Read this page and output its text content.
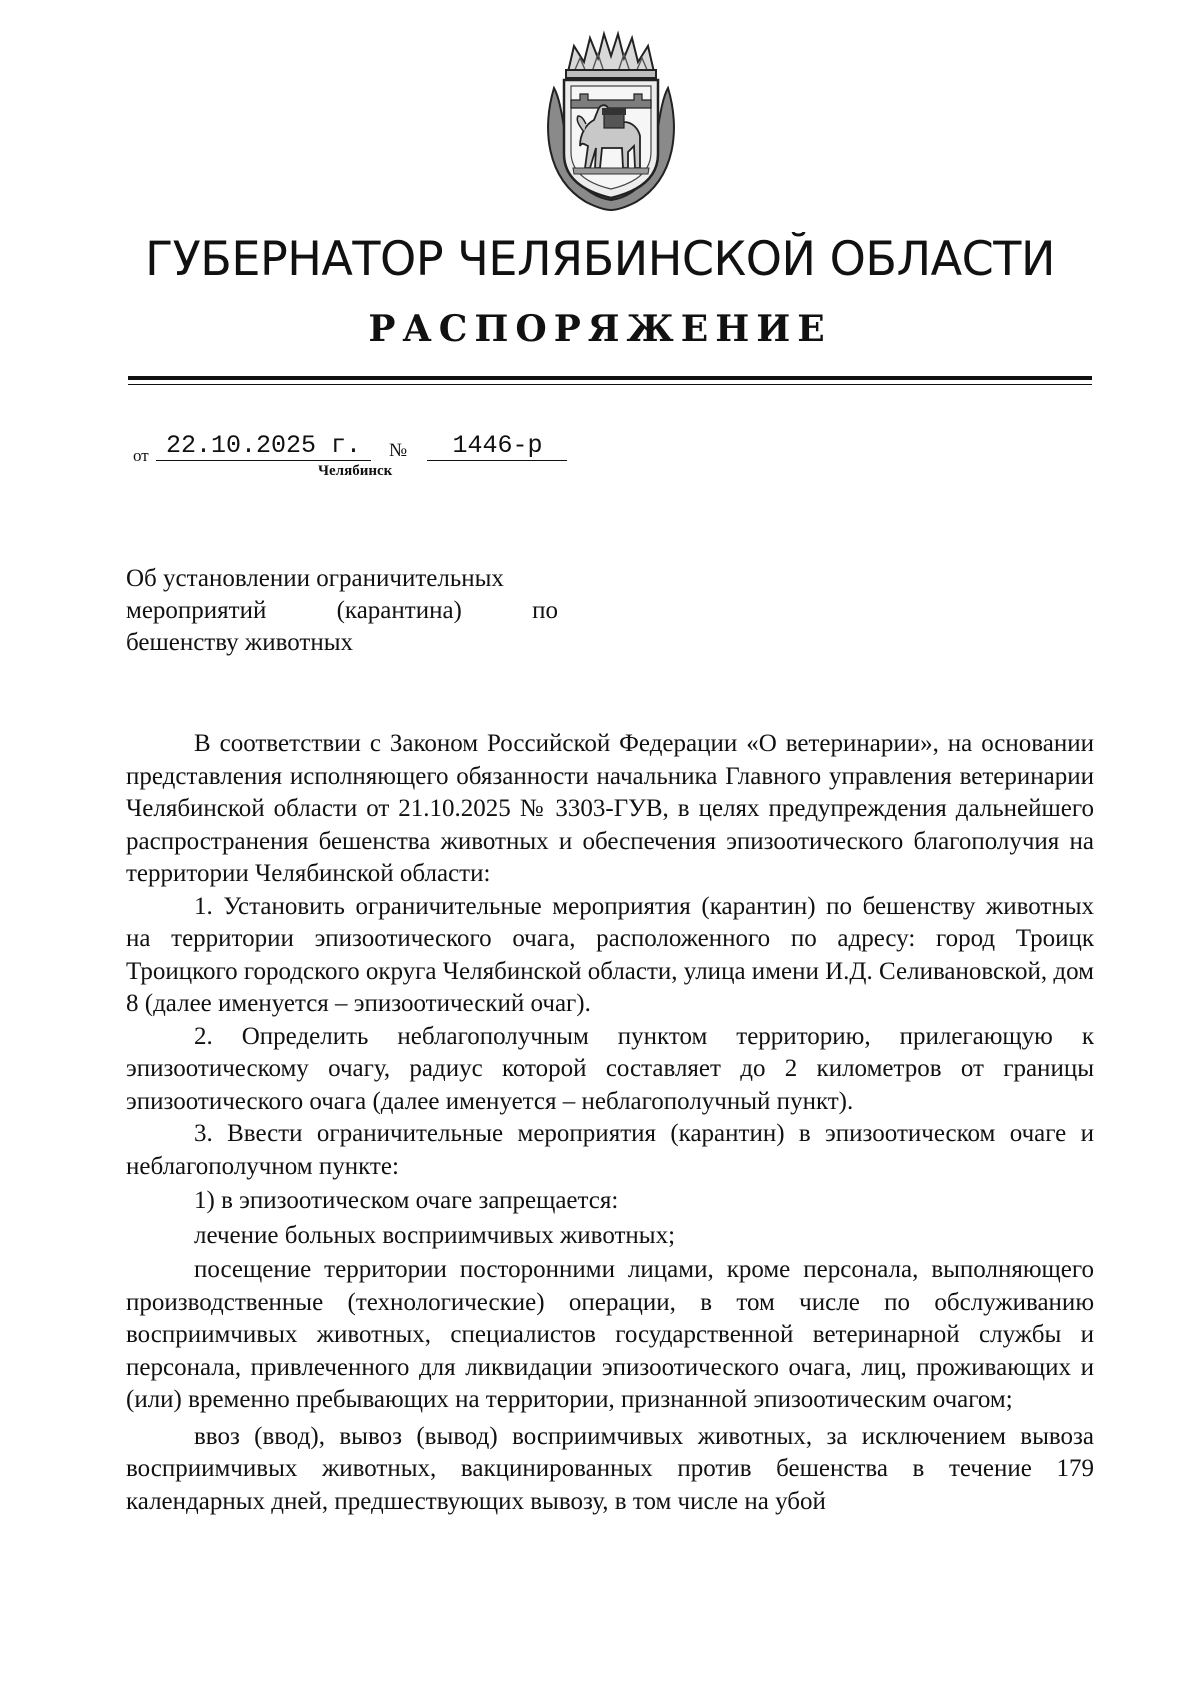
ГУБЕРНАТОР ЧЕЛЯБИНСКОЙ ОБЛАСТИ
РАСПОРЯЖЕНИЕ
от 22.10.2025 г.	№	1446-р
Челябинск
Об установлении ограничительных
мероприятий (карантина) по
бешенству животных

В соответствии с Законом Российской Федерации «О ветеринарии», на основании представления исполняющего обязанности начальника Главного управления ветеринарии Челябинской области от 21.10.2025 № 3303-ГУВ, в целях предупреждения дальнейшего распространения бешенства животных и обеспечения эпизоотического благополучия на территории Челябинской области:

1. Установить ограничительные мероприятия (карантин) по бешенству животных на территории эпизоотического очага, расположенного по адресу: город Троицк Троицкого городского округа Челябинской области, улица имени И.Д. Селивановской, дом 8 (далее именуется – эпизоотический очаг).

2. Определить неблагополучным пунктом территорию, прилегающую к эпизоотическому очагу, радиус которой составляет до 2 километров от границы эпизоотического очага (далее именуется – неблагополучный пункт).

3. Ввести ограничительные мероприятия (карантин) в эпизоотическом очаге и неблагополучном пункте:

1) в эпизоотическом очаге запрещается:

лечение больных восприимчивых животных;

посещение территории посторонними лицами, кроме персонала, выполняющего производственные (технологические) операции, в том числе по обслуживанию восприимчивых животных, специалистов государственной ветеринарной службы и персонала, привлеченного для ликвидации эпизоотического очага, лиц, проживающих и (или) временно пребывающих на территории, признанной эпизоотическим очагом;

ввоз (ввод), вывоз (вывод) восприимчивых животных, за исключением вывоза восприимчивых животных, вакцинированных против бешенства в течение 179 календарных дней, предшествующих вывозу, в том числе на убой
